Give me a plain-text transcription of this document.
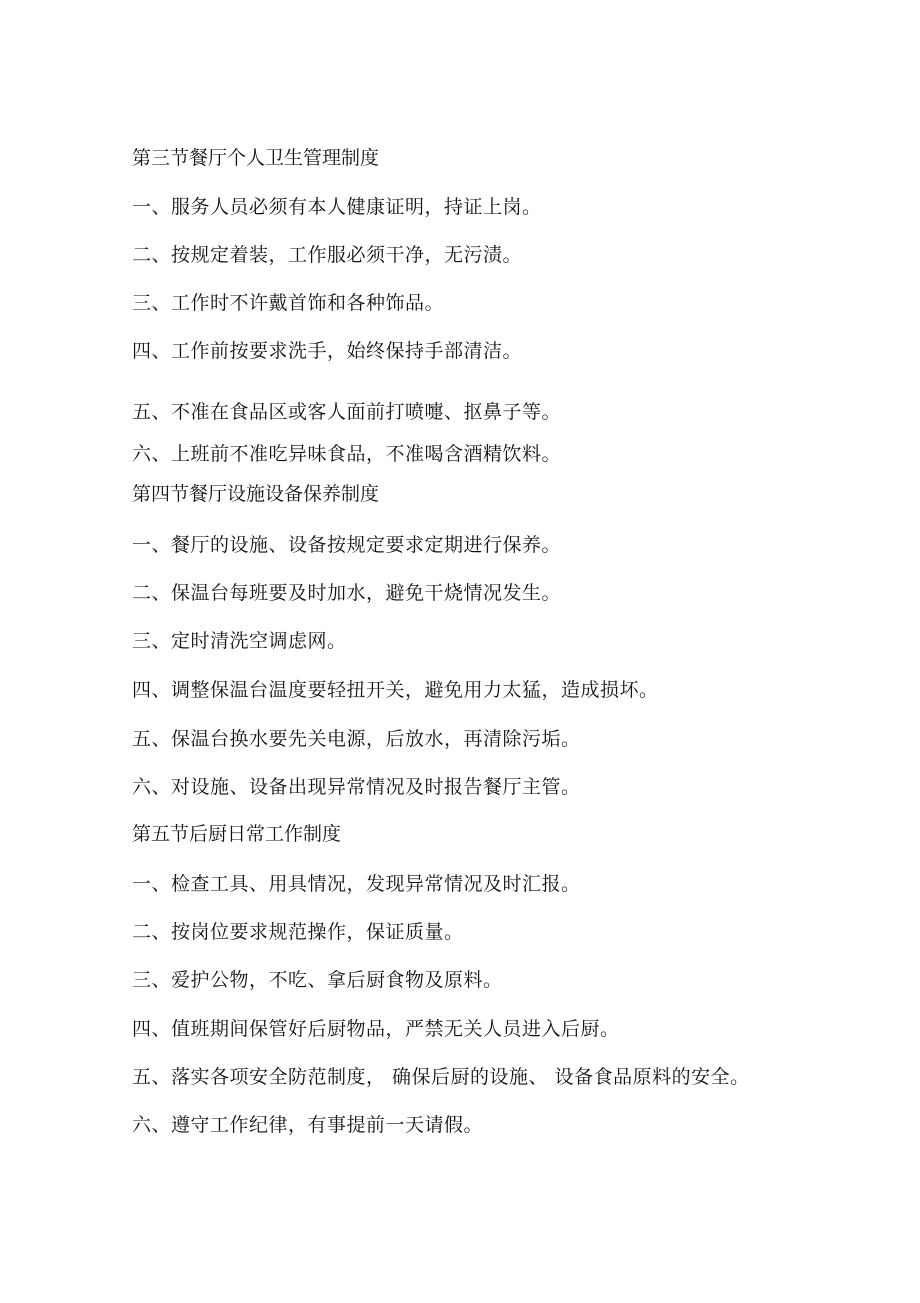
第三节餐厅个人卫生管理制度
一、服务人员必须有本人健康证明，持证上岗。
二、按规定着装，工作服必须干净，无污渍。
三、工作时不许戴首饰和各种饰品。
四、工作前按要求洗手，始终保持手部清洁。
五、不准在食品区或客人面前打喷嚏、抠鼻子等。
六、上班前不准吃异味食品，不准喝含酒精饮料。
第四节餐厅设施设备保养制度
一、餐厅的设施、设备按规定要求定期进行保养。
二、保温台每班要及时加水，避免干烧情况发生。
三、定时清洗空调虑网。
四、调整保温台温度要轻扭开关，避免用力太猛，造成损坏。
五、保温台换水要先关电源，后放水，再清除污垢。
六、对设施、设备出现异常情况及时报告餐厅主管。
第五节后厨日常工作制度
一、检查工具、用具情况，发现异常情况及时汇报。
二、按岗位要求规范操作，保证质量。
三、爱护公物，不吃、拿后厨食物及原料。
四、值班期间保管好后厨物品，严禁无关人员进入后厨。
五、落实各项安全防范制度， 确保后厨的设施、 设备食品原料的安全。
六、遵守工作纪律，有事提前一天请假。
